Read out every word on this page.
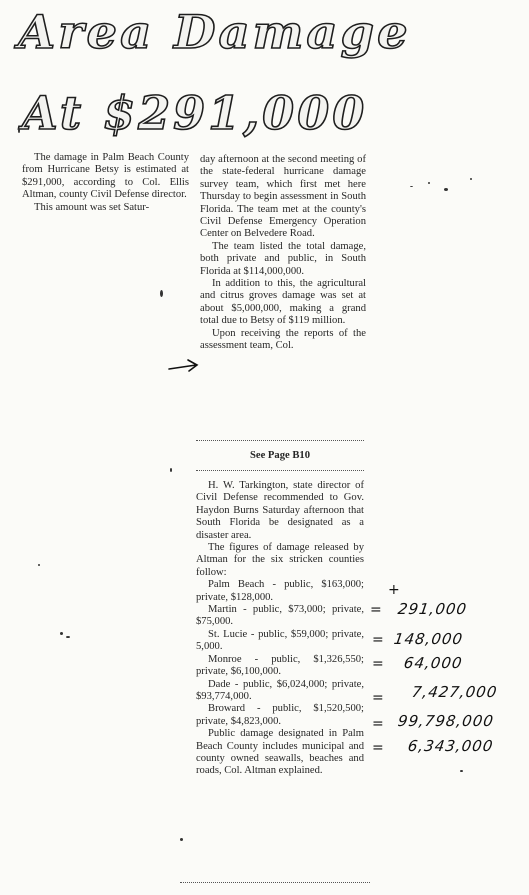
Area Damage
At $291,000

The damage in Palm Beach County from Hurricane Betsy is estimated at $291,000, according to Col. Ellis Altman, county Civil Defense director.

This amount was set Satur-

day afternoon at the second meeting of the state-federal hurricane damage survey team, which first met here Thursday to begin assessment in South Florida. The team met at the county's Civil Defense Emergency Operation Center on Belvedere Road.

The team listed the total damage, both private and public, in South Florida at $114,000,000.

In addition to this, the agricultural and citrus groves damage was set at about $5,000,000, making a grand total due to Betsy of $119 million.

Upon receiving the reports of the assessment team, Col.

See Page B10

H. W. Tarkington, state director of Civil Defense recommended to Gov. Haydon Burns Saturday afternoon that South Florida be designated as a disaster area.

The figures of damage released by Altman for the six stricken counties follow:

Palm Beach - public, $163,000; private, $128,000.

Martin - public, $73,000; private, $75,000.

St. Lucie - public, $59,000; private, 5,000.

Monroe - public, $1,326,550; private, $6,100,000.

Dade - public, $6,024,000; private, $93,774,000.

Broward - public, $1,520,500; private, $4,823,000.

Public damage designated in Palm Beach County includes municipal and county owned seawalls, beaches and roads, Col. Altman explained.

=
+
291,000
= 148,000
= 64,000
= 7,427,000
= 99,798,000
= 6,343,000
